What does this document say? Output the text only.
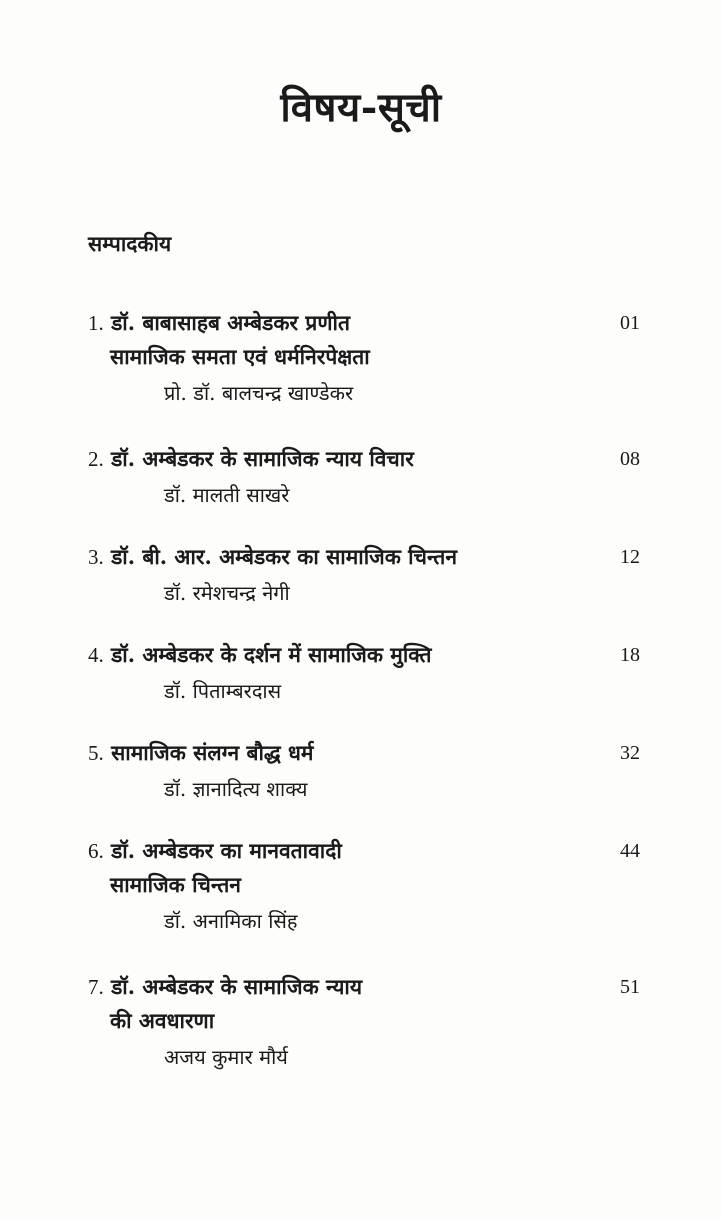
विषय-सूची
सम्पादकीय
1. डॉ. बाबासाहब अम्बेडकर प्रणीत
सामाजिक समता एवं धर्मनिरपेक्षता
प्रो. डॉ. बालचन्द्र खाण्डेकर
01
2. डॉ. अम्बेडकर के सामाजिक न्याय विचार
डॉ. मालती साखरे
08
3. डॉ. बी. आर. अम्बेडकर का सामाजिक चिन्तन
डॉ. रमेशचन्द्र नेगी
12
4. डॉ. अम्बेडकर के दर्शन में सामाजिक मुक्ति
डॉ. पिताम्बरदास
18
5. सामाजिक संलग्न बौद्ध धर्म
डॉ. ज्ञानादित्य शाक्य
32
6. डॉ. अम्बेडकर का मानवतावादी
सामाजिक चिन्तन
डॉ. अनामिका सिंह
44
7. डॉ. अम्बेडकर के सामाजिक न्याय
की अवधारणा
अजय कुमार मौर्य
51
